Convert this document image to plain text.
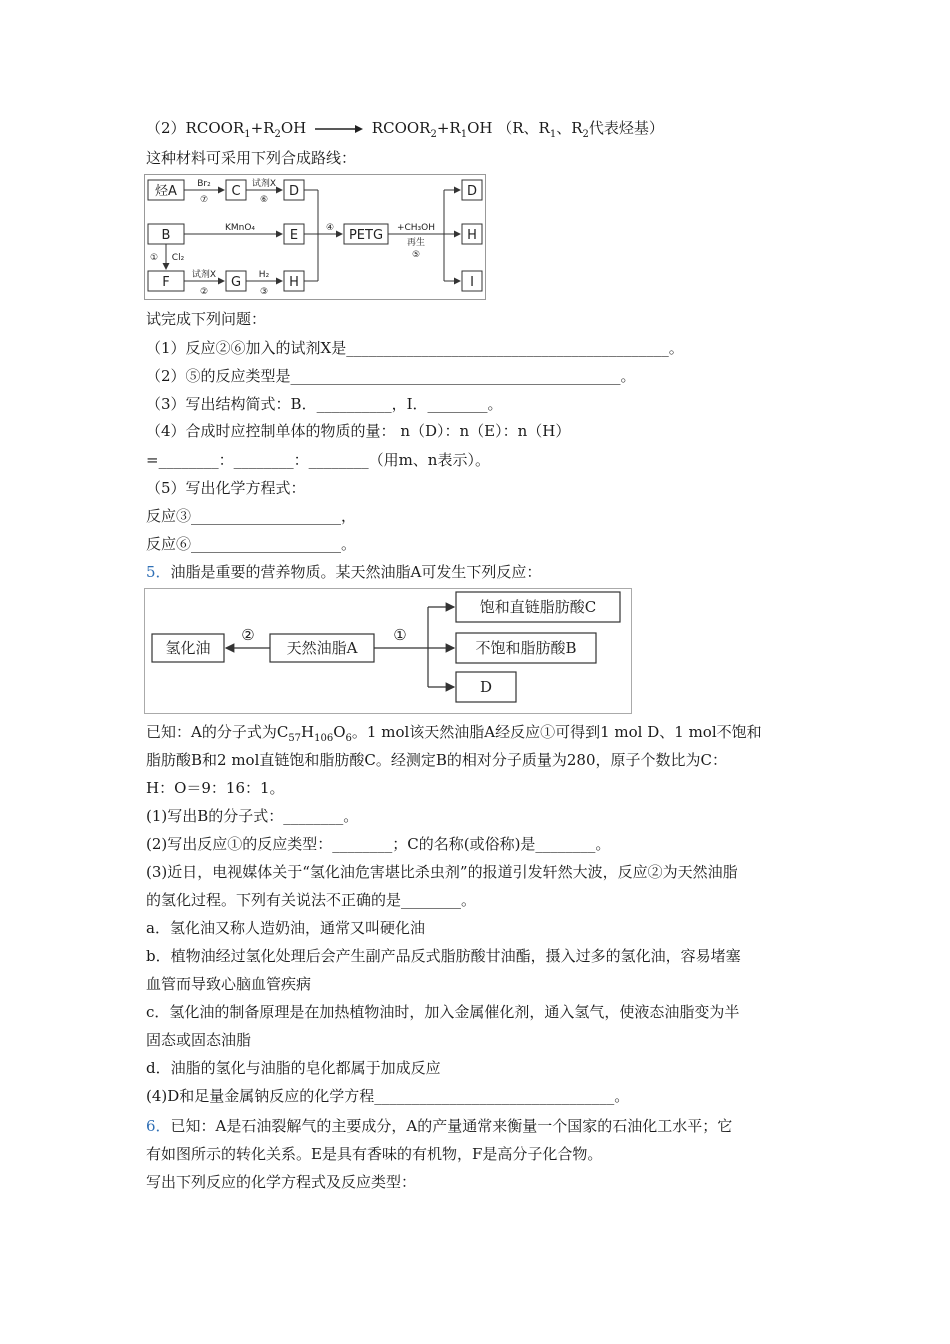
$(2)RCOOR_1+R_2OH$ → $RCOOR_2+R_1OH$ （R、$R_1$、$R_2$代表烃基）
这种材料可采用下列合成路线：
烃A	C	D
B	E
F	G	H
PETG
D
H
I
Br₂
⑦
试剂X
⑥
KMnO₄
Cl₂
①
试剂X
②
H₂
③
④	+CH₃OH
再生
⑤
试完成下列问题：
（1）反应②⑥加入的试剂X是___________________________________________。
（2）⑤的反应类型是____________________________________________。
（3）写出结构简式：B．__________，I．________。
（4）合成时应控制单体的物质的量： n（D）：n（E）：n（H）
=________：________：________（用m、n表示）。
（5）写出化学方程式：
反应③____________________，
反应⑥____________________。
5．油脂是重要的营养物质。某天然油脂A可发生下列反应：
氢化油	天然油脂A
饱和直链脂肪酸C
不饱和脂肪酸B
D
②	①
已知：A的分子式为$C_{57}H_{106}O_6$。1 mol该天然油脂A经反应①可得到1 mol D、1 mol不饱和
脂肪酸B和2 mol直链饱和脂肪酸C。经测定B的相对分子质量为280，原子个数比为C：
H：O＝9：16：1。
(1)写出B的分子式：________。
(2)写出反应①的反应类型：________；C的名称(或俗称)是________。
(3)近日，电视媒体关于“氢化油危害堪比杀虫剂”的报道引发轩然大波，反应②为天然油脂
的氢化过程。下列有关说法不正确的是________。
a．氢化油又称人造奶油，通常又叫硬化油
b．植物油经过氢化处理后会产生副产品反式脂肪酸甘油酯，摄入过多的氢化油，容易堵塞
血管而导致心脑血管疾病
c．氢化油的制备原理是在加热植物油时，加入金属催化剂，通入氢气，使液态油脂变为半
固态或固态油脂
d．油脂的氢化与油脂的皂化都属于加成反应
(4)D和足量金属钠反应的化学方程________________________________。
6．已知：A是石油裂解气的主要成分，A的产量通常来衡量一个国家的石油化工水平；它
有如图所示的转化关系。E是具有香味的有机物，F是高分子化合物。
写出下列反应的化学方程式及反应类型：
